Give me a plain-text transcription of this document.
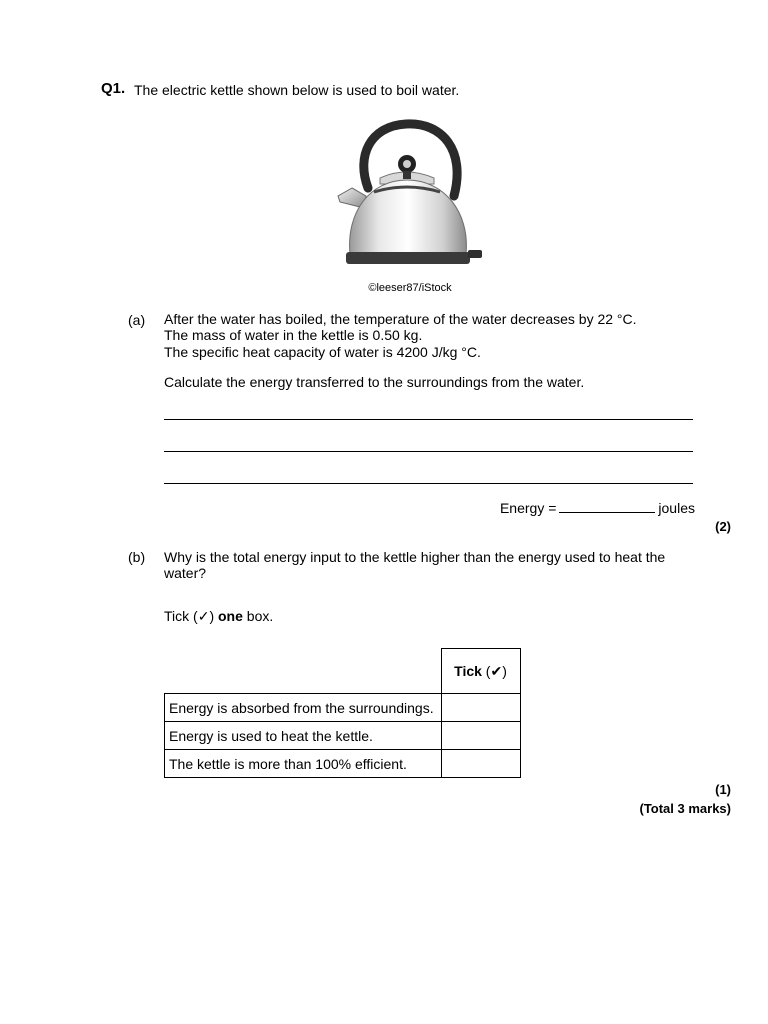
Q1. The electric kettle shown below is used to boil water.
©leeser87/iStock
(a) After the water has boiled, the temperature of the water decreases by 22 °C.
The mass of water in the kettle is 0.50 kg.
The specific heat capacity of water is 4200 J/kg °C.
Calculate the energy transferred to the surroundings from the water.
Energy =	joules
(2)
(b) Why is the total energy input to the kettle higher than the energy used to heat the
water?
Tick (✓) one box.
	Tick (✔)
Energy is absorbed from the surroundings.	
Energy is used to heat the kettle.	
The kettle is more than 100% efficient.	
(1)
(Total 3 marks)
